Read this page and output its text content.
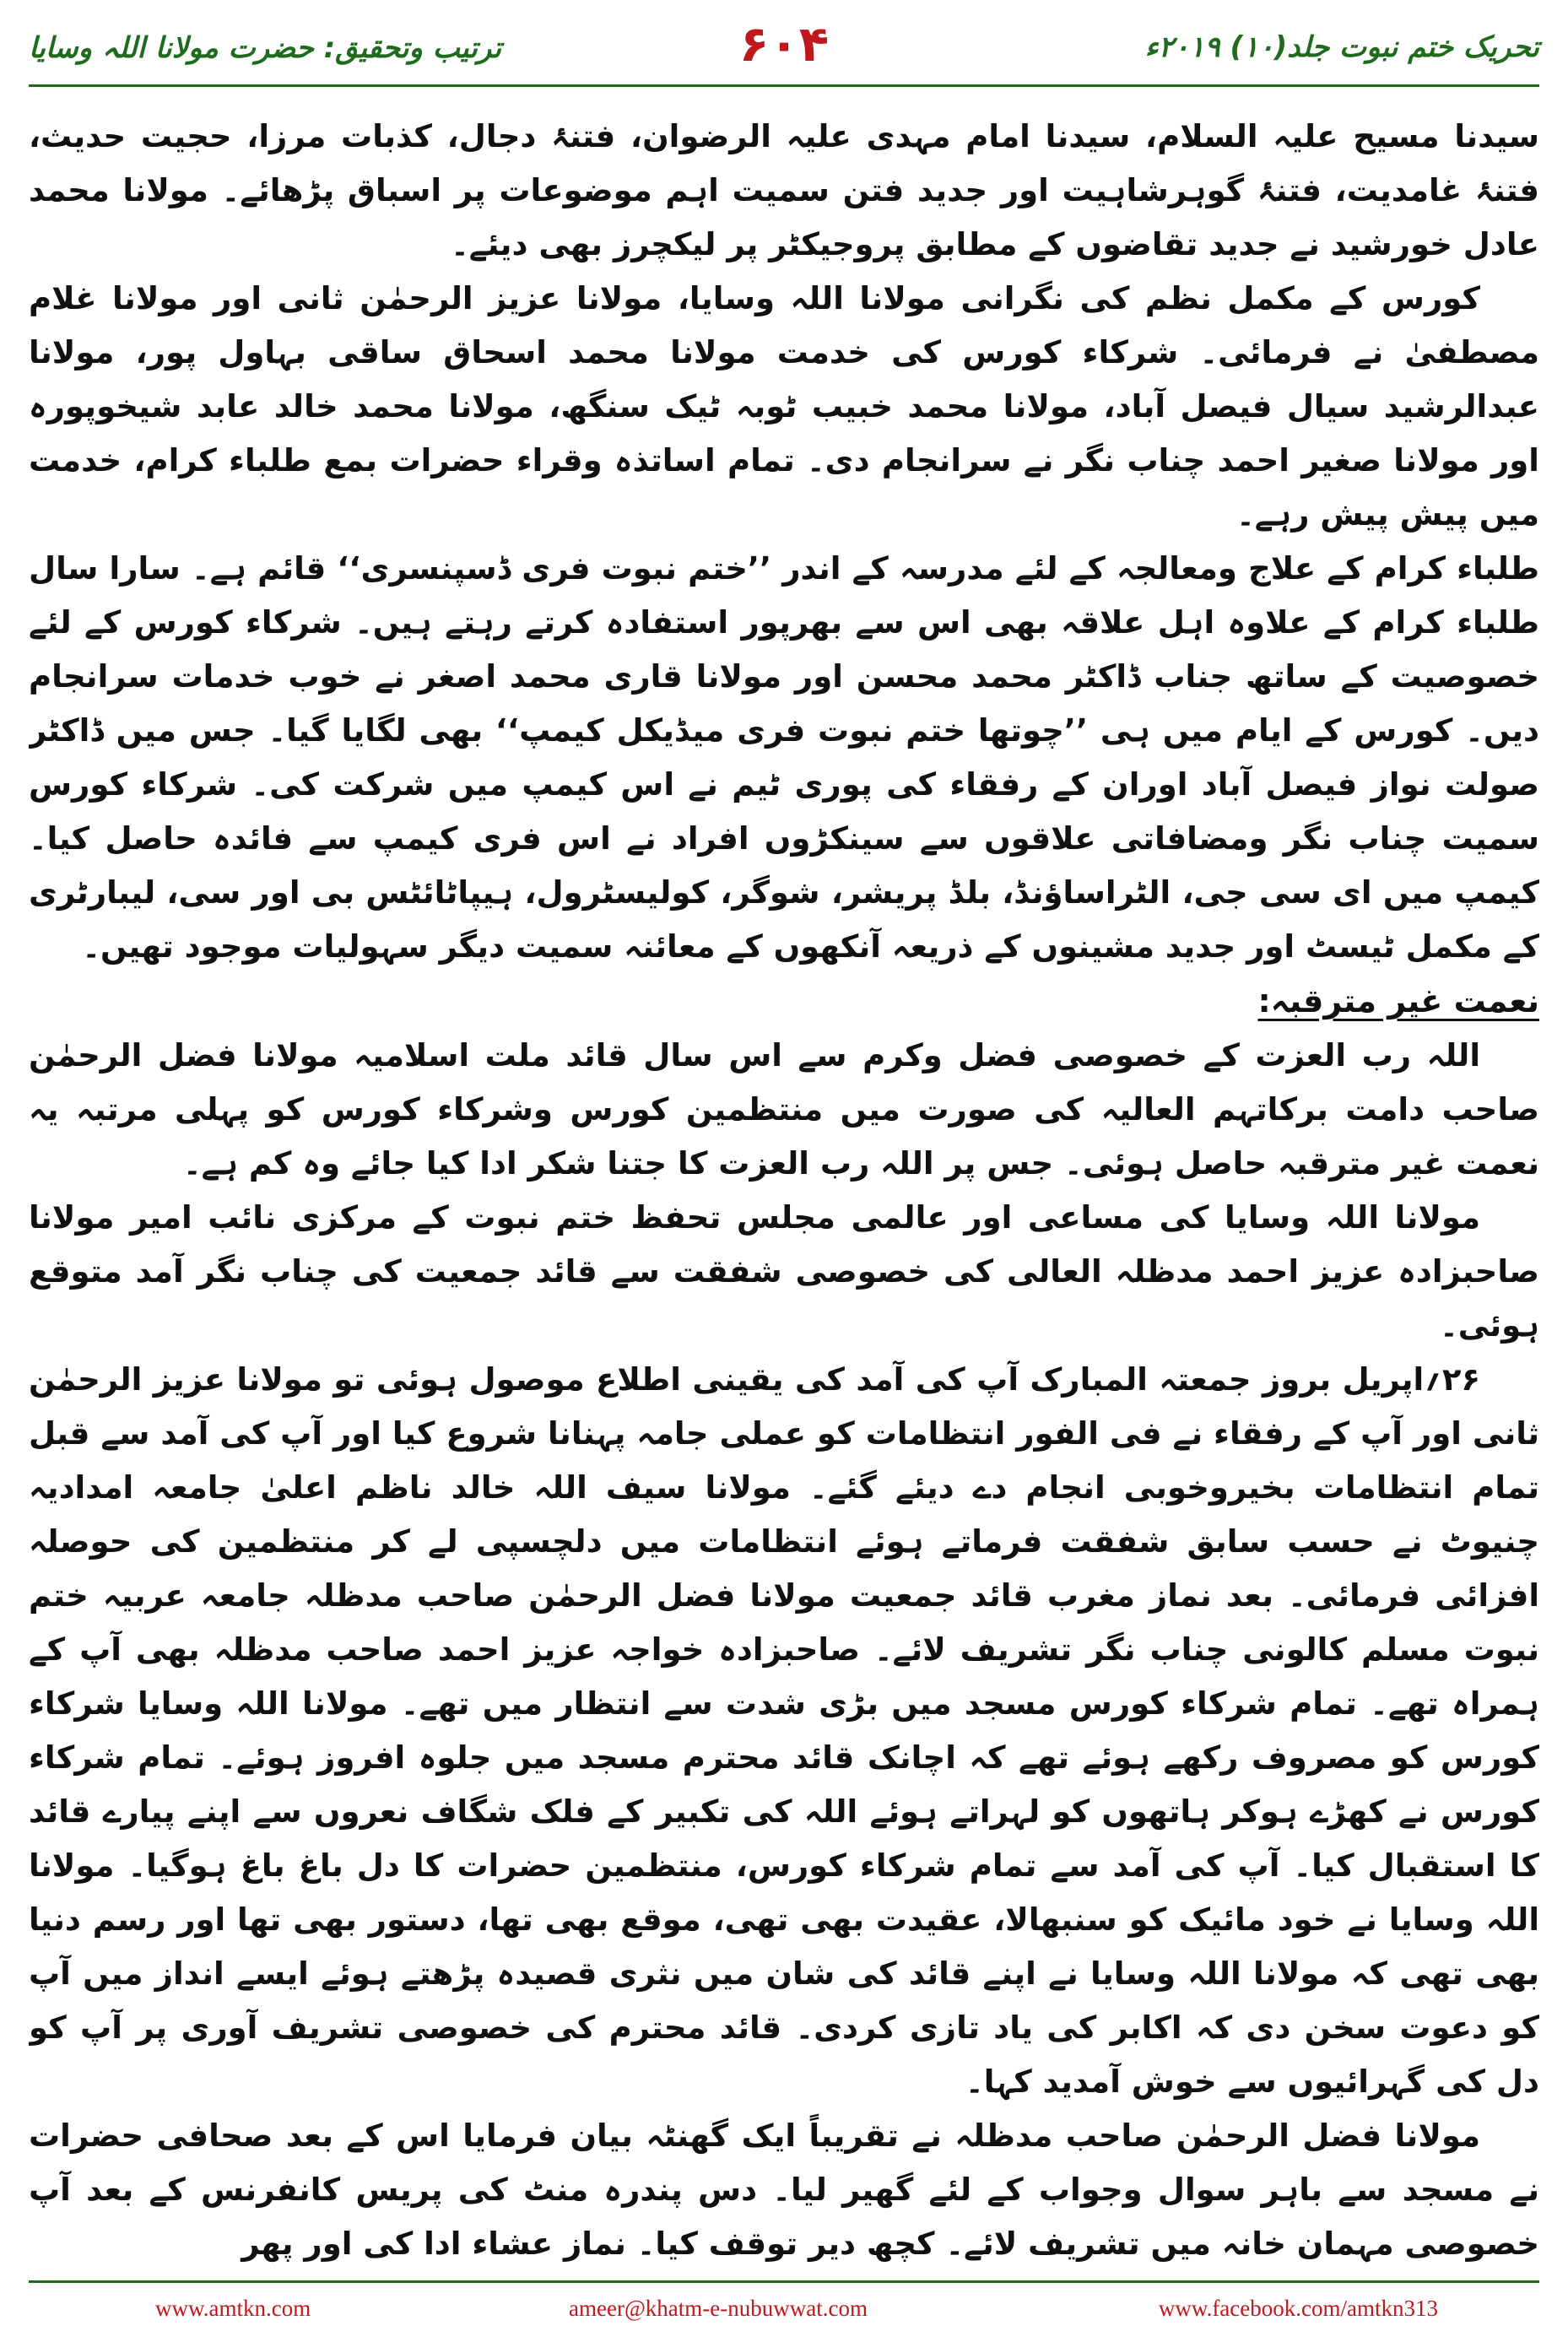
تحریک ختم نبوت جلد(۱۰) ۲۰۱۹ء
۶۰۴
ترتیب وتحقیق: حضرت مولانا اللہ وسایا

سیدنا مسیح علیہ السلام، سیدنا امام مہدی علیہ الرضوان، فتنۂ دجال، کذبات مرزا، حجیت حدیث، فتنۂ غامدیت، فتنۂ گوہرشاہیت اور جدید فتن سمیت اہم موضوعات پر اسباق پڑھائے۔ مولانا محمد عادل خورشید نے جدید تقاضوں کے مطابق پروجیکٹر پر لیکچرز بھی دیئے۔

کورس کے مکمل نظم کی نگرانی مولانا اللہ وسایا، مولانا عزیز الرحمٰن ثانی اور مولانا غلام مصطفیٰ نے فرمائی۔ شرکاء کورس کی خدمت مولانا محمد اسحاق ساقی بہاول پور، مولانا عبدالرشید سیال فیصل آباد، مولانا محمد خبیب ٹوبہ ٹیک سنگھ، مولانا محمد خالد عابد شیخوپورہ اور مولانا صغیر احمد چناب نگر نے سرانجام دی۔ تمام اساتذہ وقراء حضرات بمع طلباء کرام، خدمت میں پیش پیش رہے۔

طلباء کرام کے علاج ومعالجہ کے لئے مدرسہ کے اندر ’’ختم نبوت فری ڈسپنسری‘‘ قائم ہے۔ سارا سال طلباء کرام کے علاوہ اہل علاقہ بھی اس سے بھرپور استفادہ کرتے رہتے ہیں۔ شرکاء کورس کے لئے خصوصیت کے ساتھ جناب ڈاکٹر محمد محسن اور مولانا قاری محمد اصغر نے خوب خدمات سرانجام دیں۔ کورس کے ایام میں ہی ’’چوتھا ختم نبوت فری میڈیکل کیمپ‘‘ بھی لگایا گیا۔ جس میں ڈاکٹر صولت نواز فیصل آباد اوران کے رفقاء کی پوری ٹیم نے اس کیمپ میں شرکت کی۔ شرکاء کورس سمیت چناب نگر ومضافاتی علاقوں سے سینکڑوں افراد نے اس فری کیمپ سے فائدہ حاصل کیا۔ کیمپ میں ای سی جی، الٹراساؤنڈ، بلڈ پریشر، شوگر، کولیسٹرول، ہیپاٹائٹس بی اور سی، لیبارٹری کے مکمل ٹیسٹ اور جدید مشینوں کے ذریعہ آنکھوں کے معائنہ سمیت دیگر سہولیات موجود تھیں۔

نعمت غیر مترقبہ:

اللہ رب العزت کے خصوصی فضل وکرم سے اس سال قائد ملت اسلامیہ مولانا فضل الرحمٰن صاحب دامت برکاتہم العالیہ کی صورت میں منتظمین کورس وشرکاء کورس کو پہلی مرتبہ یہ نعمت غیر مترقبہ حاصل ہوئی۔ جس پر اللہ رب العزت کا جتنا شکر ادا کیا جائے وہ کم ہے۔

مولانا اللہ وسایا کی مساعی اور عالمی مجلس تحفظ ختم نبوت کے مرکزی نائب امیر مولانا صاحبزادہ عزیز احمد مدظلہ العالی کی خصوصی شفقت سے قائد جمعیت کی چناب نگر آمد متوقع ہوئی۔

۲۶؍اپریل بروز جمعتہ المبارک آپ کی آمد کی یقینی اطلاع موصول ہوئی تو مولانا عزیز الرحمٰن ثانی اور آپ کے رفقاء نے فی الفور انتظامات کو عملی جامہ پہنانا شروع کیا اور آپ کی آمد سے قبل تمام انتظامات بخیروخوبی انجام دے دیئے گئے۔ مولانا سیف اللہ خالد ناظم اعلیٰ جامعہ امدادیہ چنیوٹ نے حسب سابق شفقت فرماتے ہوئے انتظامات میں دلچسپی لے کر منتظمین کی حوصلہ افزائی فرمائی۔ بعد نماز مغرب قائد جمعیت مولانا فضل الرحمٰن صاحب مدظلہ جامعہ عربیہ ختم نبوت مسلم کالونی چناب نگر تشریف لائے۔ صاحبزادہ خواجہ عزیز احمد صاحب مدظلہ بھی آپ کے ہمراہ تھے۔ تمام شرکاء کورس مسجد میں بڑی شدت سے انتظار میں تھے۔ مولانا اللہ وسایا شرکاء کورس کو مصروف رکھے ہوئے تھے کہ اچانک قائد محترم مسجد میں جلوہ افروز ہوئے۔ تمام شرکاء کورس نے کھڑے ہوکر ہاتھوں کو لہراتے ہوئے اللہ کی تکبیر کے فلک شگاف نعروں سے اپنے پیارے قائد کا استقبال کیا۔ آپ کی آمد سے تمام شرکاء کورس، منتظمین حضرات کا دل باغ باغ ہوگیا۔ مولانا اللہ وسایا نے خود مائیک کو سنبھالا، عقیدت بھی تھی، موقع بھی تھا، دستور بھی تھا اور رسم دنیا بھی تھی کہ مولانا اللہ وسایا نے اپنے قائد کی شان میں نثری قصیدہ پڑھتے ہوئے ایسے انداز میں آپ کو دعوت سخن دی کہ اکابر کی یاد تازی کردی۔ قائد محترم کی خصوصی تشریف آوری پر آپ کو دل کی گہرائیوں سے خوش آمدید کہا۔

مولانا فضل الرحمٰن صاحب مدظلہ نے تقریباً ایک گھنٹہ بیان فرمایا اس کے بعد صحافی حضرات نے مسجد سے باہر سوال وجواب کے لئے گھیر لیا۔ دس پندرہ منٹ کی پریس کانفرنس کے بعد آپ خصوصی مہمان خانہ میں تشریف لائے۔ کچھ دیر توقف کیا۔ نماز عشاء ادا کی اور پھر

www.amtkn.com	ameer@khatm-e-nubuwwat.com	www.facebook.com/amtkn313
